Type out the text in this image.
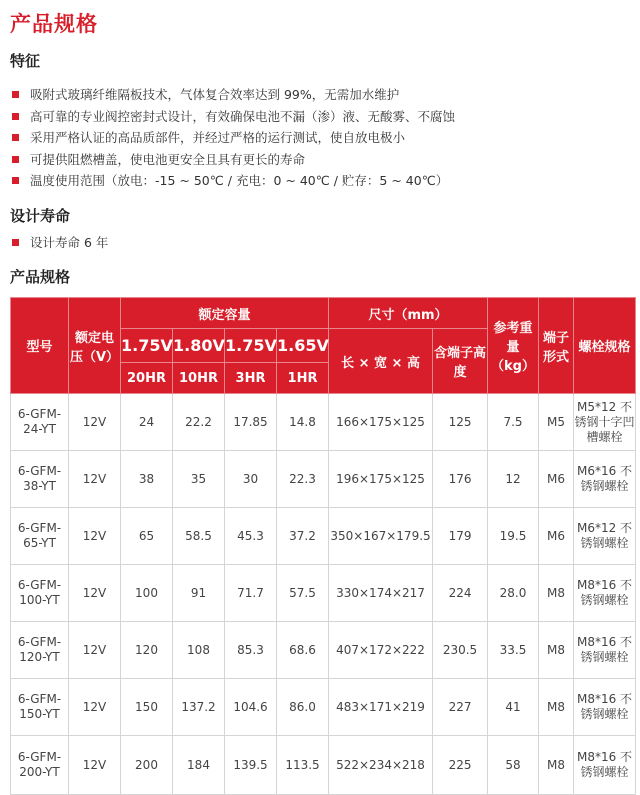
产品规格
特征
吸附式玻璃纤维隔板技术，气体复合效率达到 99%，无需加水维护
高可靠的专业阀控密封式设计，有效确保电池不漏（渗）液、无酸雾、不腐蚀
采用严格认证的高品质部件，并经过严格的运行测试，使自放电极小
可提供阻燃槽盖，使电池更安全且具有更长的寿命
温度使用范围（放电：-15 ~ 50℃ / 充电：0 ~ 40℃ / 贮存：5 ~ 40℃）
设计寿命
设计寿命 6 年
产品规格
型号	额定电压（V）	额定容量				尺寸（mm）		参考重量（kg）	端子形式	螺栓规格
		1.75V	1.80V	1.75V	1.65V	长 × 宽 × 高	含端子高度			
		20HR	10HR	3HR	1HR					
6-GFM-24-YT	12V	24	22.2	17.85	14.8	166×175×125	125	7.5	M5	M5*12 不锈钢十字凹槽螺栓
6-GFM-38-YT	12V	38	35	30	22.3	196×175×125	176	12	M6	M6*16 不锈钢螺栓
6-GFM-65-YT	12V	65	58.5	45.3	37.2	350×167×179.5	179	19.5	M6	M6*12 不锈钢螺栓
6-GFM-100-YT	12V	100	91	71.7	57.5	330×174×217	224	28.0	M8	M8*16 不锈钢螺栓
6-GFM-120-YT	12V	120	108	85.3	68.6	407×172×222	230.5	33.5	M8	M8*16 不锈钢螺栓
6-GFM-150-YT	12V	150	137.2	104.6	86.0	483×171×219	227	41	M8	M8*16 不锈钢螺栓
6-GFM-200-YT	12V	200	184	139.5	113.5	522×234×218	225	58	M8	M8*16 不锈钢螺栓
